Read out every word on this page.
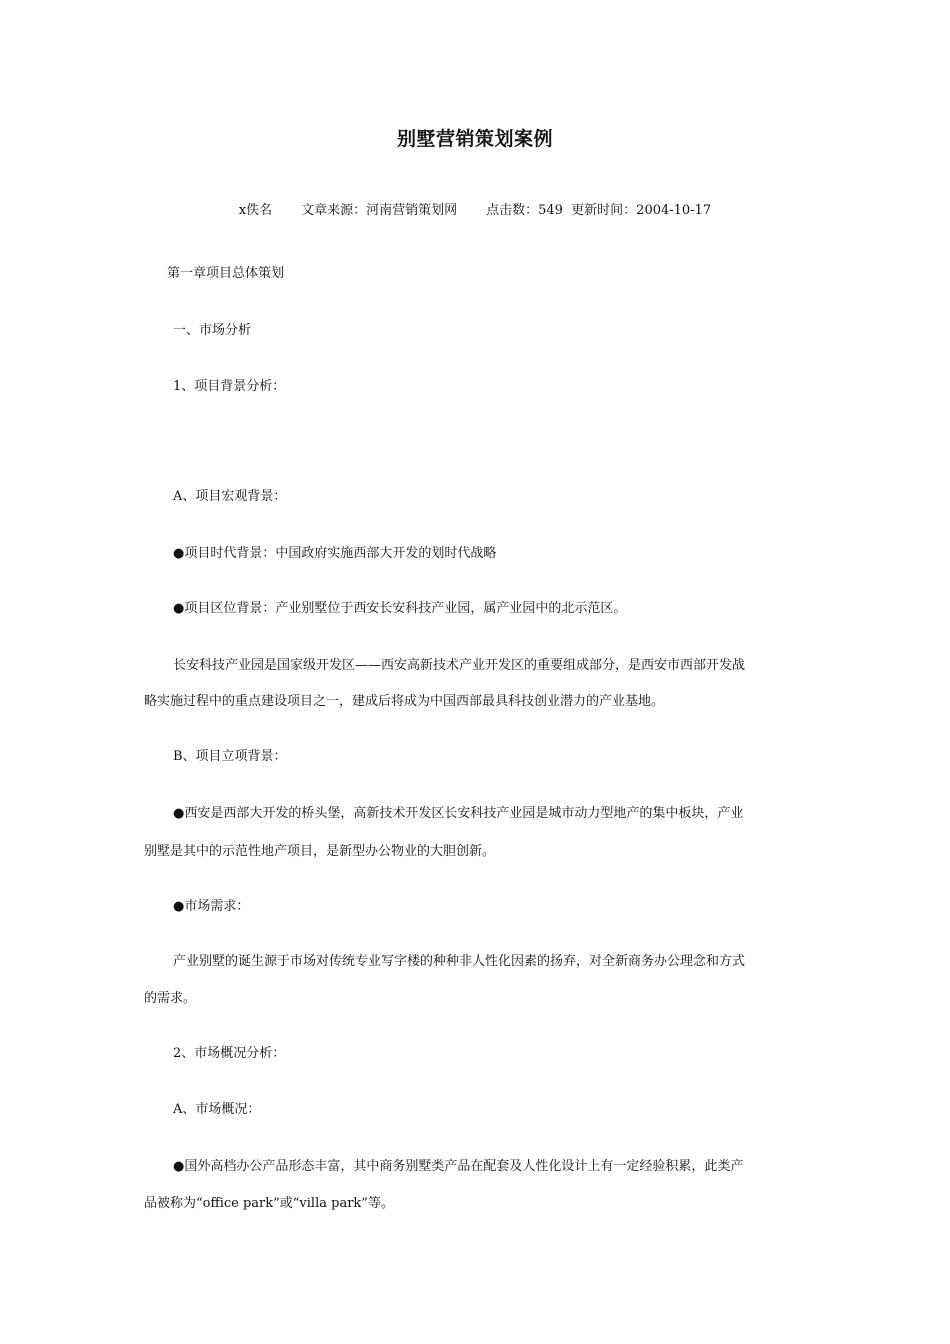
别墅营销策划案例
x佚名 文章来源：河南营销策划网 点击数：549 更新时间：2004-10-17
第一章项目总体策划
一、市场分析
1、项目背景分析：
A、项目宏观背景：
●项目时代背景：中国政府实施西部大开发的划时代战略
●项目区位背景：产业别墅位于西安长安科技产业园，属产业园中的北示范区。
长安科技产业园是国家级开发区——西安高新技术产业开发区的重要组成部分，是西安市西部开发战
略实施过程中的重点建设项目之一，建成后将成为中国西部最具科技创业潜力的产业基地。
B、项目立项背景：
●西安是西部大开发的桥头堡，高新技术开发区长安科技产业园是城市动力型地产的集中板块，产业
别墅是其中的示范性地产项目，是新型办公物业的大胆创新。
●市场需求：
产业别墅的诞生源于市场对传统专业写字楼的种种非人性化因素的扬弃，对全新商务办公理念和方式
的需求。
2、市场概况分析：
A、市场概况：
●国外高档办公产品形态丰富，其中商务别墅类产品在配套及人性化设计上有一定经验积累，此类产
品被称为“office park”或“villa park”等。
